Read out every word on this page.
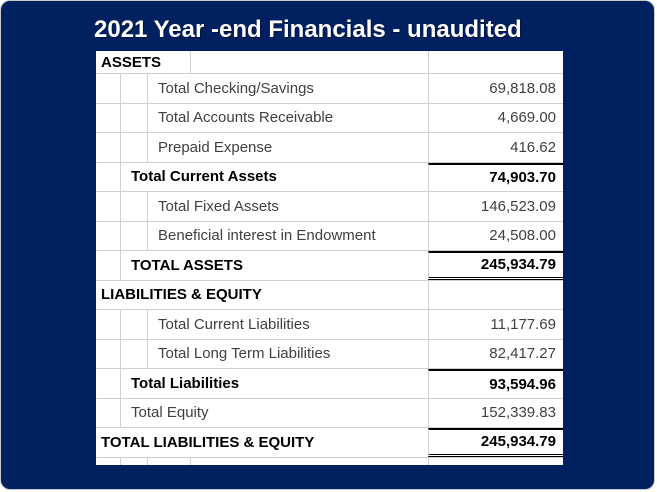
2021 Year -end Financials - unaudited
ASSETS
Total Checking/Savings	69,818.08
Total Accounts Receivable	4,669.00
Prepaid Expense	416.62
Total Current Assets	74,903.70
Total Fixed Assets	146,523.09
Beneficial interest in Endowment	24,508.00
TOTAL ASSETS	245,934.79
LIABILITIES & EQUITY
Total Current Liabilities	11,177.69
Total Long Term Liabilities	82,417.27
Total Liabilities	93,594.96
Total Equity	152,339.83
TOTAL LIABILITIES & EQUITY	245,934.79
